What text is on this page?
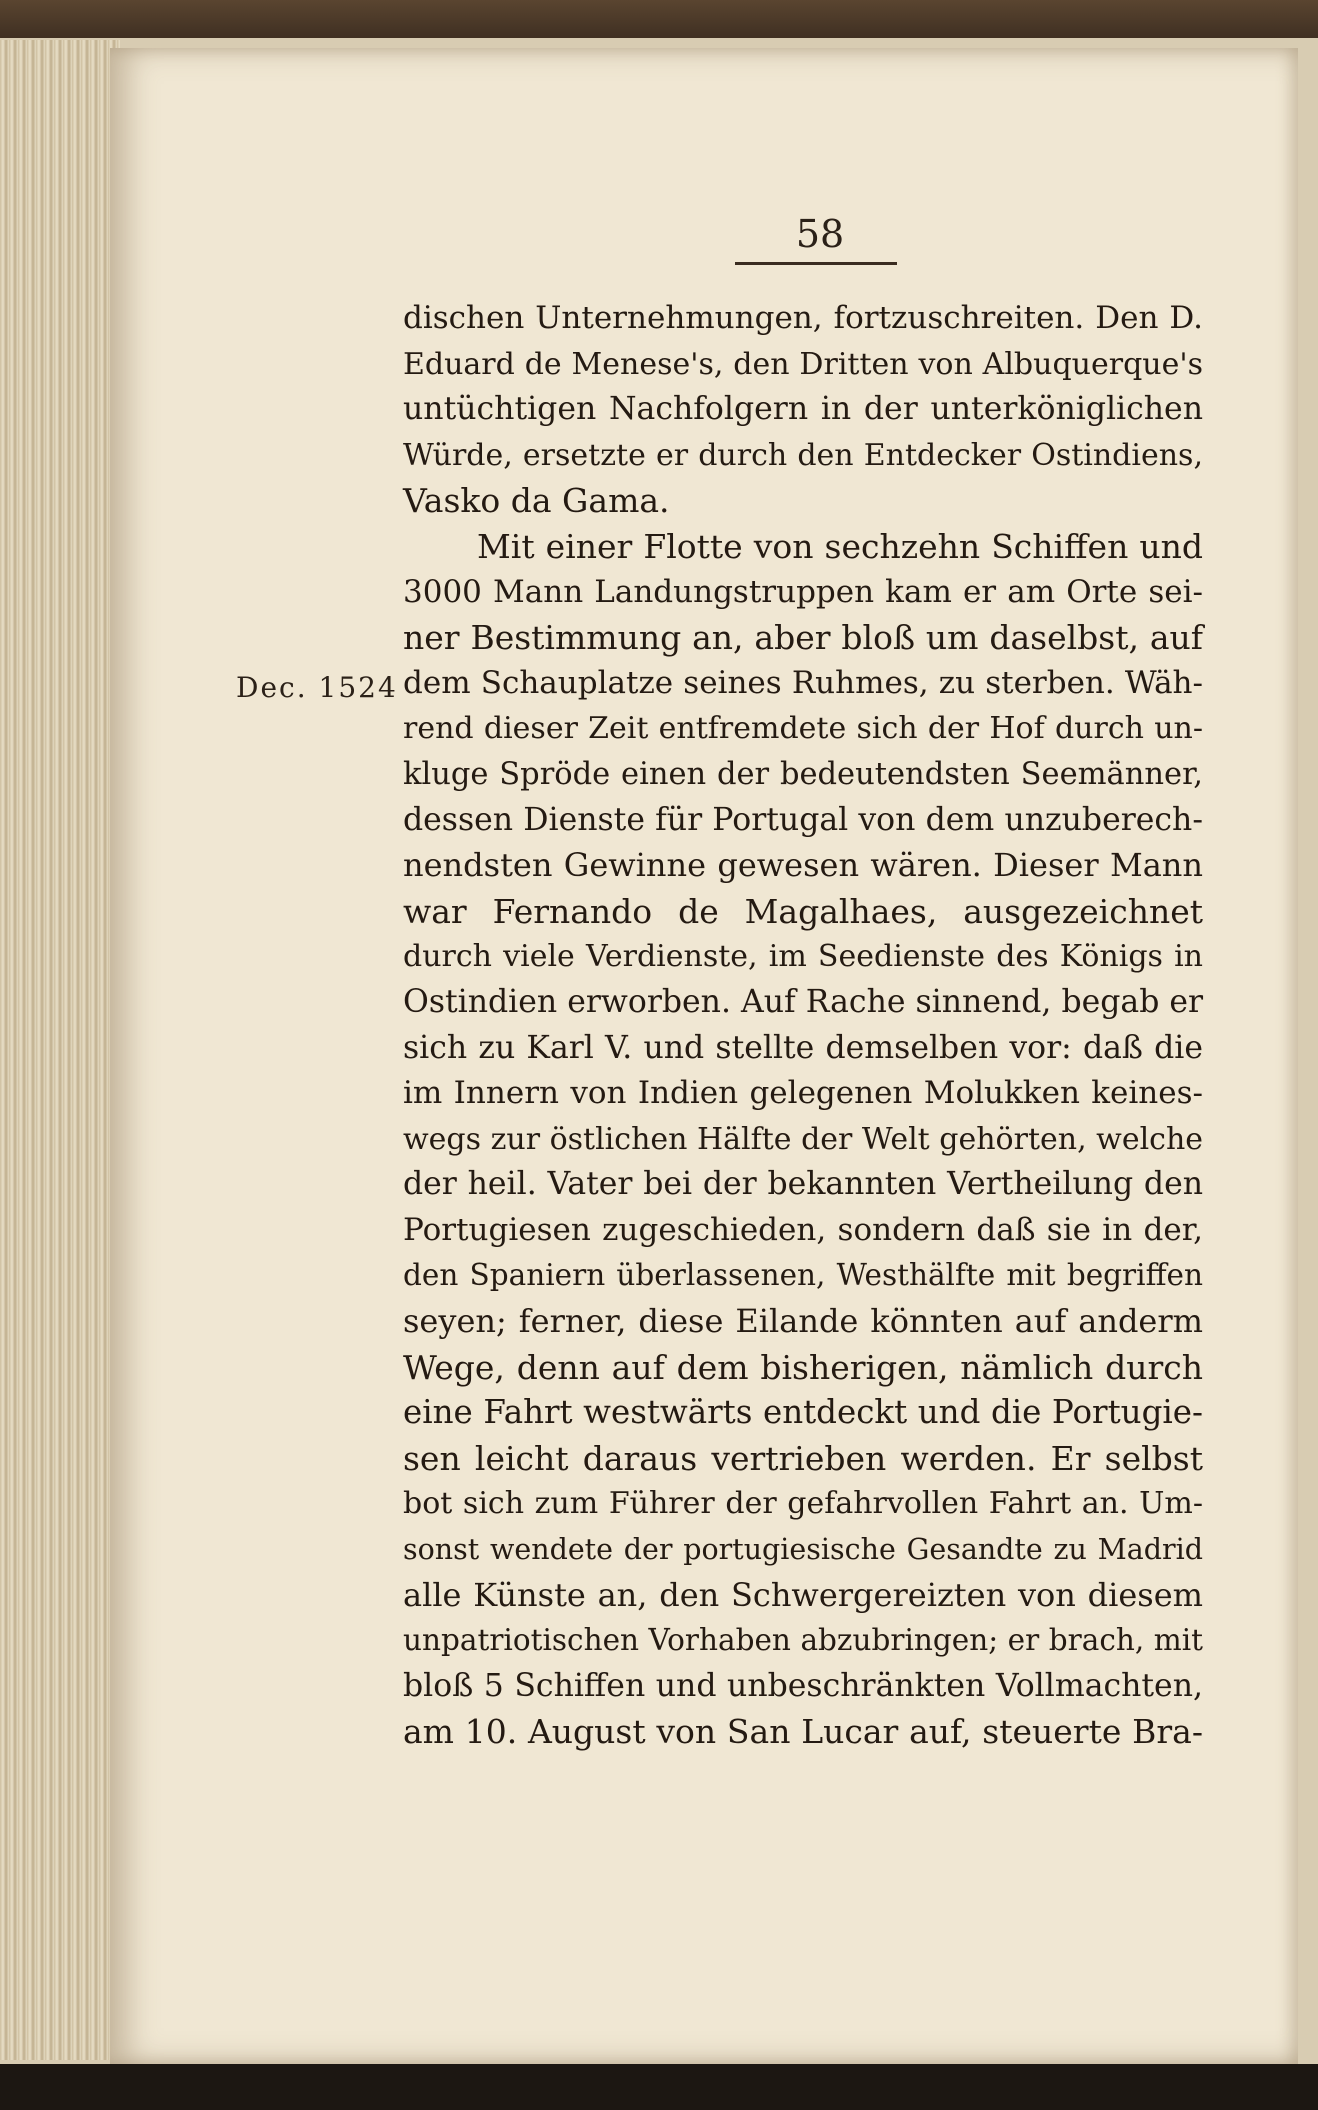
58
Dec. 1524
dischen Unternehmungen, fortzuschreiten. Den D.
Eduard de Menese's, den Dritten von Albuquerque's
untüchtigen Nachfolgern in der unterköniglichen
Würde, ersetzte er durch den Entdecker Ostindiens,
Vasko da Gama.
Mit einer Flotte von sechzehn Schiffen und
3000 Mann Landungstruppen kam er am Orte sei-
ner Bestimmung an, aber bloß um daselbst, auf
dem Schauplatze seines Ruhmes, zu sterben. Wäh-
rend dieser Zeit entfremdete sich der Hof durch un-
kluge Spröde einen der bedeutendsten Seemänner,
dessen Dienste für Portugal von dem unzuberech-
nendsten Gewinne gewesen wären. Dieser Mann
war Fernando de Magalhaes, ausgezeichnet
durch viele Verdienste, im Seedienste des Königs in
Ostindien erworben. Auf Rache sinnend, begab er
sich zu Karl V. und stellte demselben vor: daß die
im Innern von Indien gelegenen Molukken keines-
wegs zur östlichen Hälfte der Welt gehörten, welche
der heil. Vater bei der bekannten Vertheilung den
Portugiesen zugeschieden, sondern daß sie in der,
den Spaniern überlassenen, Westhälfte mit begriffen
seyen; ferner, diese Eilande könnten auf anderm
Wege, denn auf dem bisherigen, nämlich durch
eine Fahrt westwärts entdeckt und die Portugie-
sen leicht daraus vertrieben werden. Er selbst
bot sich zum Führer der gefahrvollen Fahrt an. Um-
sonst wendete der portugiesische Gesandte zu Madrid
alle Künste an, den Schwergereizten von diesem
unpatriotischen Vorhaben abzubringen; er brach, mit
bloß 5 Schiffen und unbeschränkten Vollmachten,
am 10. August von San Lucar auf, steuerte Bra-
